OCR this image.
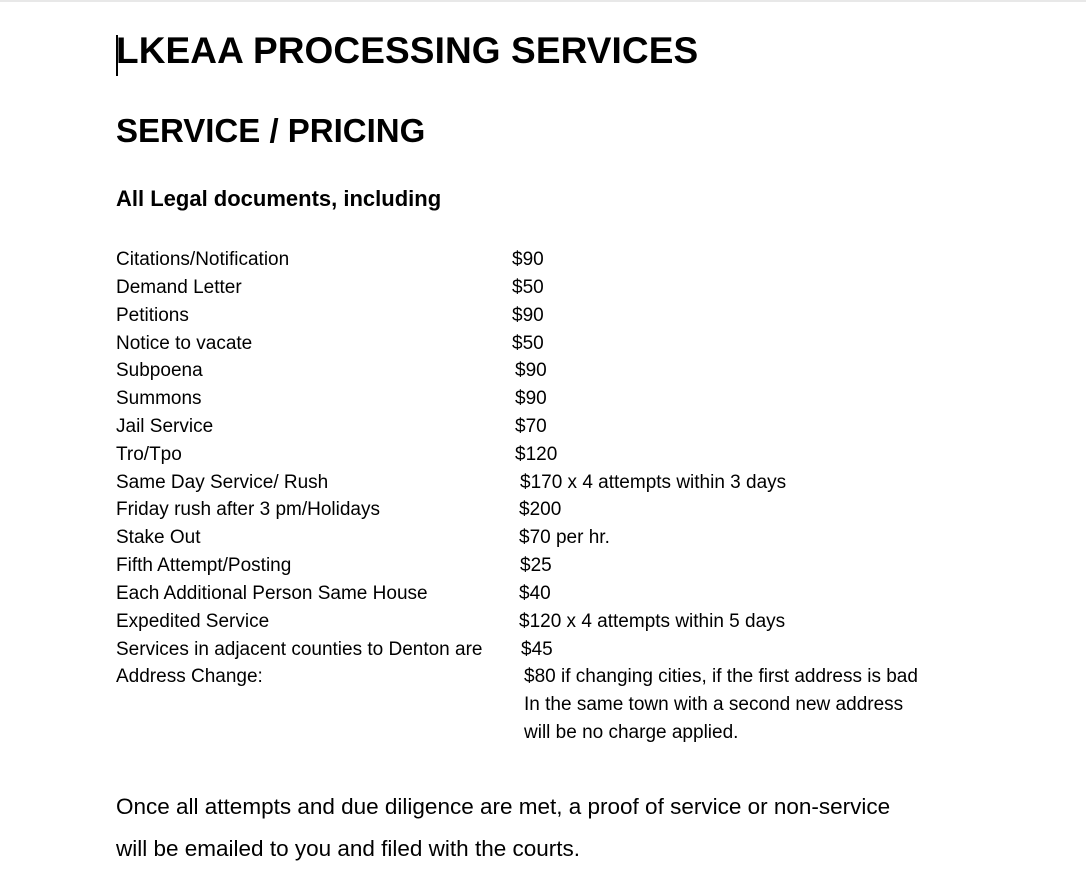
LKEAA PROCESSING SERVICES
SERVICE / PRICING
All Legal documents, including
Citations/Notification	$90
Demand Letter	$50
Petitions	$90
Notice to vacate	$50
Subpoena	$90
Summons	$90
Jail Service	$70
Tro/Tpo	$120
Same Day Service/ Rush	$170 x 4 attempts within 3 days
Friday rush after 3 pm/Holidays	$200
Stake Out	$70 per hr.
Fifth Attempt/Posting	$25
Each Additional Person Same House	$40
Expedited Service	$120 x 4 attempts within 5 days
Services in adjacent counties to Denton are $45
Address Change:	$80 if changing cities, if the first address is bad
In the same town with a second new address
will be no charge applied.
Once all attempts and due diligence are met, a proof of service or non-service
will be emailed to you and filed with the courts.
